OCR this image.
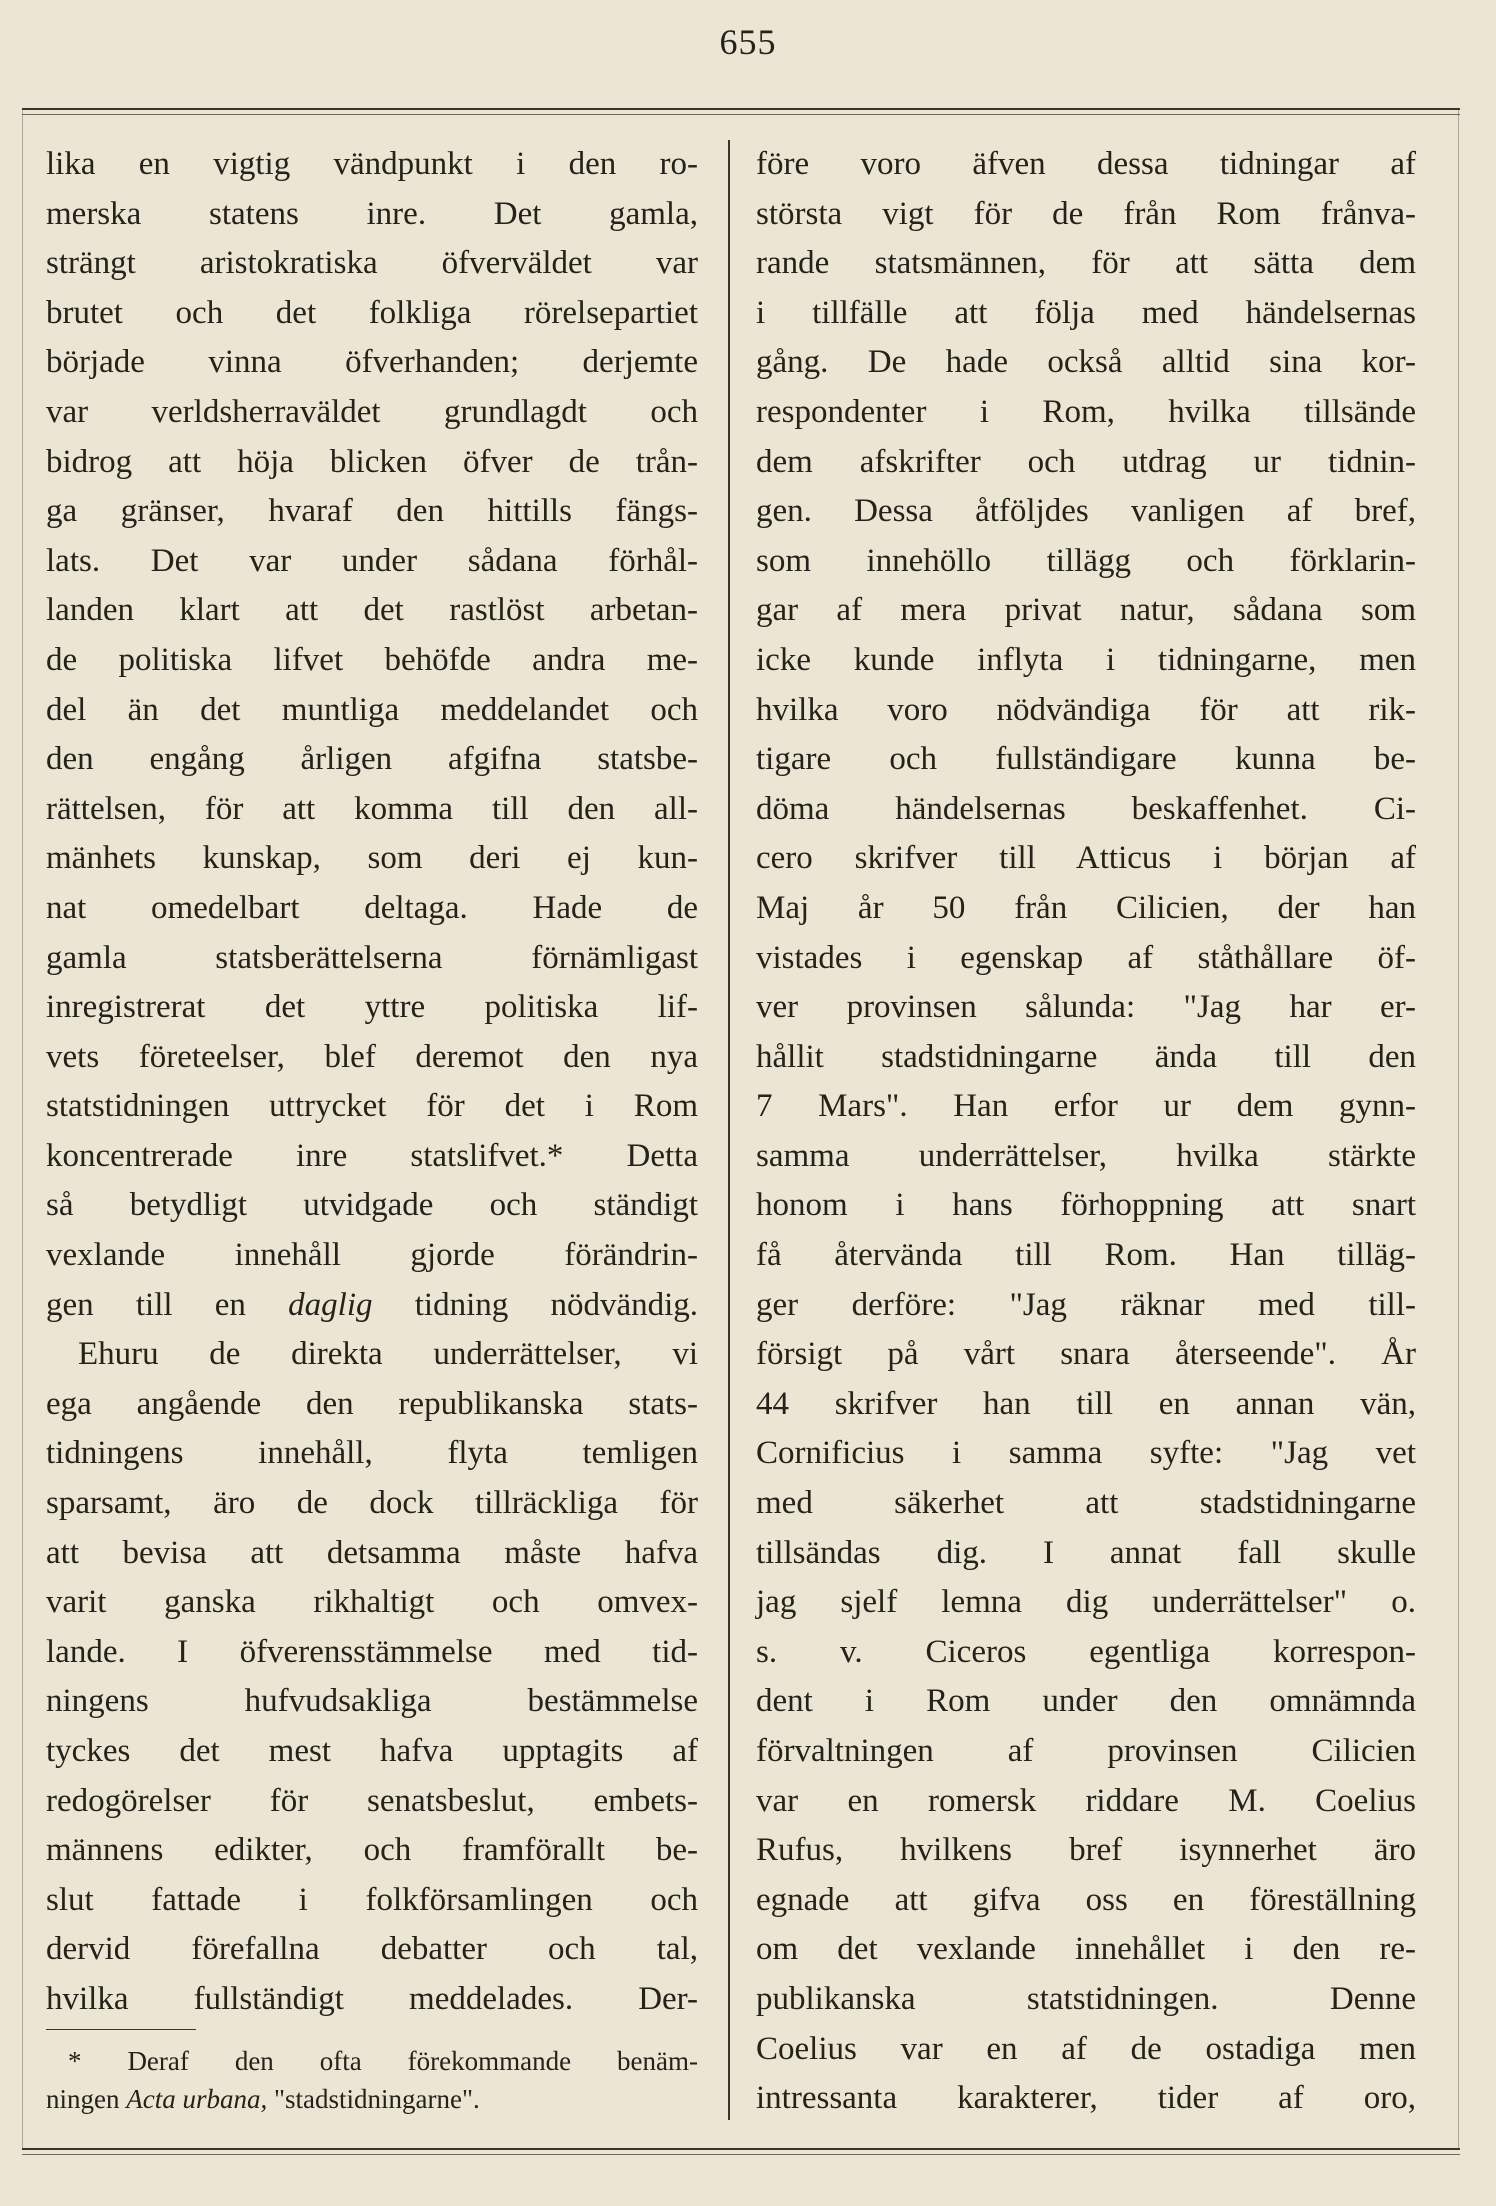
655
lika en vigtig vändpunkt i den ro-
merska statens inre. Det gamla,
strängt aristokratiska öfverväldet var
brutet och det folkliga rörelsepartiet
började vinna öfverhanden; derjemte
var verldsherraväldet grundlagdt och
bidrog att höja blicken öfver de trån-
ga gränser, hvaraf den hittills fängs-
lats. Det var under sådana förhål-
landen klart att det rastlöst arbetan-
de politiska lifvet behöfde andra me-
del än det muntliga meddelandet och
den engång årligen afgifna statsbe-
rättelsen, för att komma till den all-
mänhets kunskap, som deri ej kun-
nat omedelbart deltaga. Hade de
gamla statsberättelserna förnämligast
inregistrerat det yttre politiska lif-
vets företeelser, blef deremot den nya
statstidningen uttrycket för det i Rom
koncentrerade inre statslifvet.* Detta
så betydligt utvidgade och ständigt
vexlande innehåll gjorde förändrin-
gen till en daglig tidning nödvändig.
Ehuru de direkta underrättelser, vi
ega angående den republikanska stats-
tidningens innehåll, flyta temligen
sparsamt, äro de dock tillräckliga för
att bevisa att detsamma måste hafva
varit ganska rikhaltigt och omvex-
lande. I öfverensstämmelse med tid-
ningens hufvudsakliga bestämmelse
tyckes det mest hafva upptagits af
redogörelser för senatsbeslut, embets-
männens edikter, och framförallt be-
slut fattade i folkförsamlingen och
dervid förefallna debatter och tal,
hvilka fullständigt meddelades. Der-
* Deraf den ofta förekommande benäm-
ningen Acta urbana, "stadstidningarne".
före voro äfven dessa tidningar af
största vigt för de från Rom frånva-
rande statsmännen, för att sätta dem
i tillfälle att följa med händelsernas
gång. De hade också alltid sina kor-
respondenter i Rom, hvilka tillsände
dem afskrifter och utdrag ur tidnin-
gen. Dessa åtföljdes vanligen af bref,
som innehöllo tillägg och förklarin-
gar af mera privat natur, sådana som
icke kunde inflyta i tidningarne, men
hvilka voro nödvändiga för att rik-
tigare och fullständigare kunna be-
döma händelsernas beskaffenhet. Ci-
cero skrifver till Atticus i början af
Maj år 50 från Cilicien, der han
vistades i egenskap af ståthållare öf-
ver provinsen sålunda: "Jag har er-
hållit stadstidningarne ända till den
7 Mars". Han erfor ur dem gynn-
samma underrättelser, hvilka stärkte
honom i hans förhoppning att snart
få återvända till Rom. Han tilläg-
ger derföre: "Jag räknar med till-
försigt på vårt snara återseende". År
44 skrifver han till en annan vän,
Cornificius i samma syfte: "Jag vet
med säkerhet att stadstidningarne
tillsändas dig. I annat fall skulle
jag sjelf lemna dig underrättelser" o.
s. v. Ciceros egentliga korrespon-
dent i Rom under den omnämnda
förvaltningen af provinsen Cilicien
var en romersk riddare M. Coelius
Rufus, hvilkens bref isynnerhet äro
egnade att gifva oss en föreställning
om det vexlande innehållet i den re-
publikanska statstidningen. Denne
Coelius var en af de ostadiga men
intressanta karakterer, tider af oro,
